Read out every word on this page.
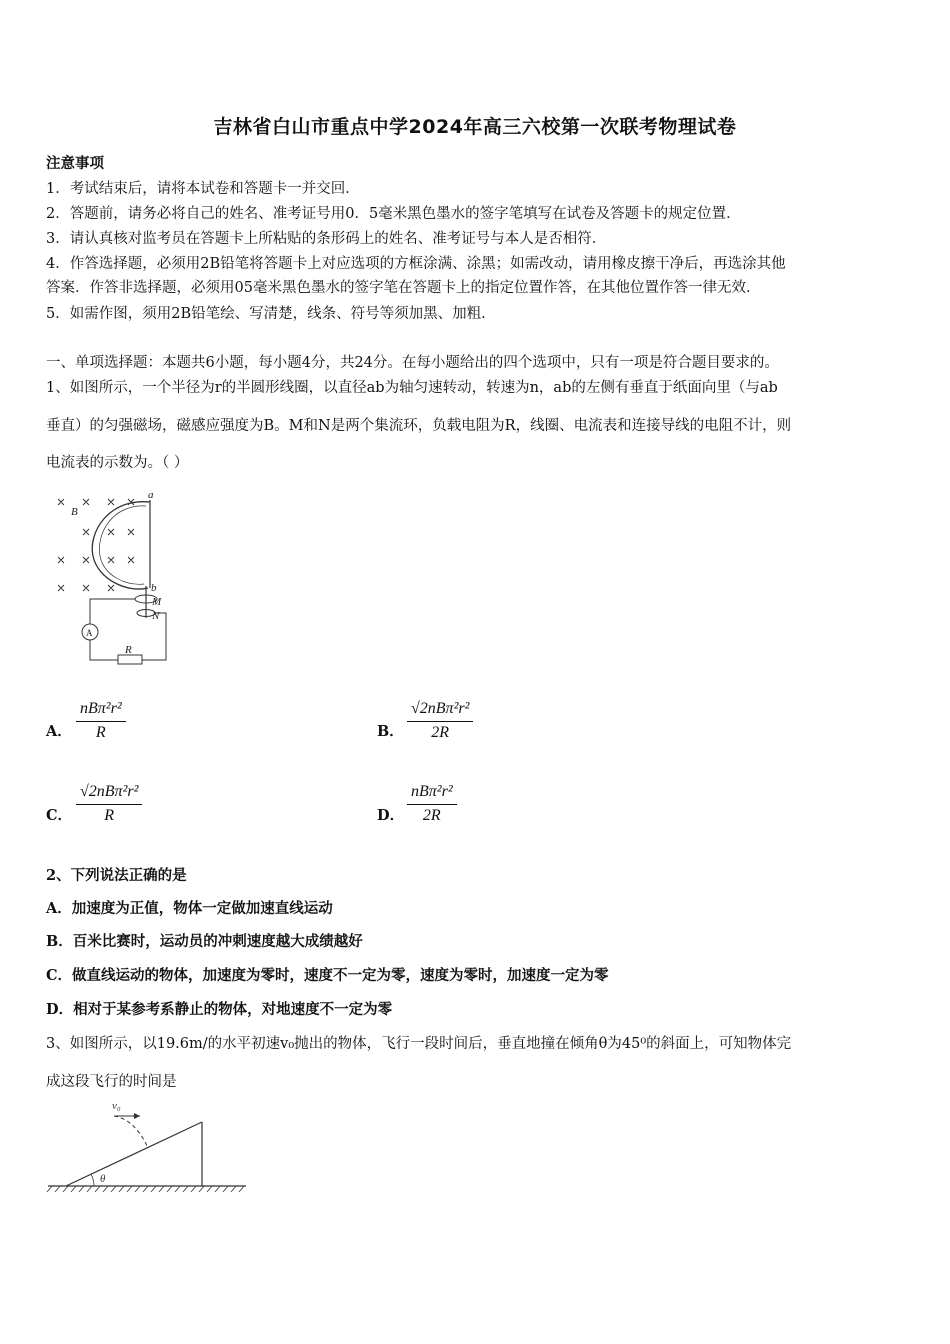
吉林省白山市重点中学2024年高三六校第一次联考物理试卷
注意事项
1．考试结束后，请将本试卷和答题卡一并交回．
2．答题前，请务必将自己的姓名、准考证号用0．5毫米黑色墨水的签字笔填写在试卷及答题卡的规定位置．
3．请认真核对监考员在答题卡上所粘贴的条形码上的姓名、准考证号与本人是否相符．
4．作答选择题，必须用2B铅笔将答题卡上对应选项的方框涂满、涂黑；如需改动，请用橡皮擦干净后，再选涂其他
答案．作答非选择题，必须用05毫米黑色墨水的签字笔在答题卡上的指定位置作答，在其他位置作答一律无效．
5．如需作图，须用2B铅笔绘、写清楚，线条、符号等须加黑、加粗．
一、单项选择题：本题共6小题，每小题4分，共24分。在每小题给出的四个选项中，只有一项是符合题目要求的。
1、如图所示，一个半径为r的半圆形线圈，以直径ab为轴匀速转动，转速为n，ab的左侧有垂直于纸面向里（与ab
垂直）的匀强磁场，磁感应强度为B。M和N是两个集流环，负载电阻为R，线圈、电流表和连接导线的电阻不计，则
电流表的示数为。（ ）
B
a
b
M
N
A
R
A．
nBπ²r²
R	B．
√2nBπ²r²
2R
C．
√2nBπ²r²
R	D．
nBπ²r²
2R
2、下列说法正确的是
A．加速度为正值，物体一定做加速直线运动
B．百米比赛时，运动员的冲刺速度越大成绩越好
C．做直线运动的物体，加速度为零时，速度不一定为零，速度为零时，加速度一定为零
D．相对于某参考系静止的物体，对地速度不一定为零
3、如图所示，以19.6m/的水平初速v₀抛出的物体，飞行一段时间后，垂直地撞在倾角θ为45⁰的斜面上，可知物体完
成这段飞行的时间是
v₀
θ
